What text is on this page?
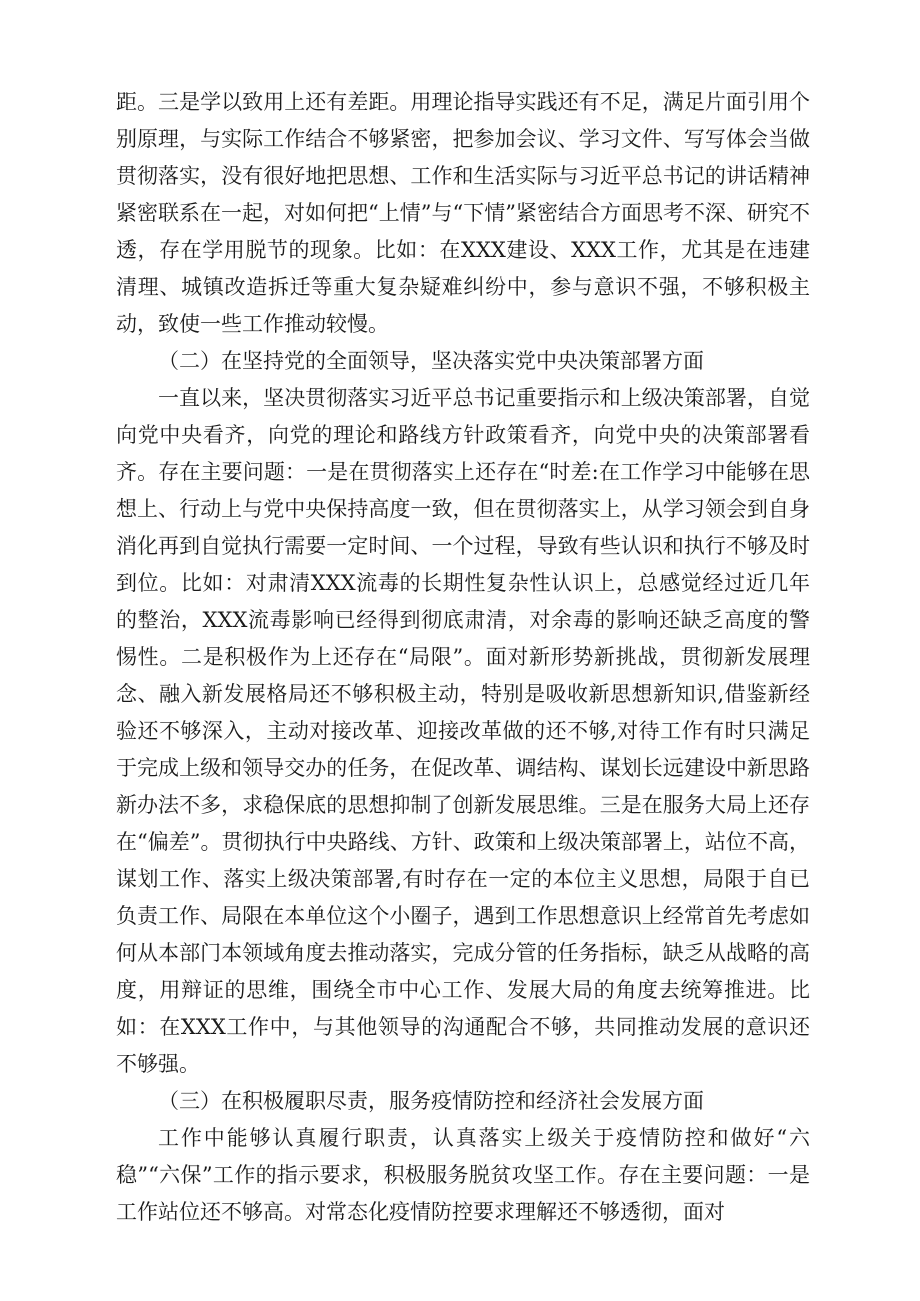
距。三是学以致用上还有差距。用理论指导实践还有不足，满足片面引用个别原理，与实际工作结合不够紧密，把参加会议、学习文件、写写体会当做贯彻落实，没有很好地把思想、工作和生活实际与习近平总书记的讲话精神紧密联系在一起，对如何把“上情”与“下情”紧密结合方面思考不深、研究不透，存在学用脱节的现象。比如：在XXX建设、XXX工作，尤其是在违建清理、城镇改造拆迁等重大复杂疑难纠纷中，参与意识不强，不够积极主动，致使一些工作推动较慢。

（二）在坚持党的全面领导，坚决落实党中央决策部署方面

一直以来，坚决贯彻落实习近平总书记重要指示和上级决策部署，自觉向党中央看齐，向党的理论和路线方针政策看齐，向党中央的决策部署看齐。存在主要问题：一是在贯彻落实上还存在“时差:在工作学习中能够在思想上、行动上与党中央保持高度一致，但在贯彻落实上，从学习领会到自身消化再到自觉执行需要一定时间、一个过程，导致有些认识和执行不够及时到位。比如：对肃清XXX流毒的长期性复杂性认识上，总感觉经过近几年的整治，XXX流毒影响已经得到彻底肃清，对余毒的影响还缺乏高度的警惕性。二是积极作为上还存在“局限”。面对新形势新挑战，贯彻新发展理念、融入新发展格局还不够积极主动，特别是吸收新思想新知识,借鉴新经验还不够深入，主动对接改革、迎接改革做的还不够,对待工作有时只满足于完成上级和领导交办的任务，在促改革、调结构、谋划长远建设中新思路新办法不多，求稳保底的思想抑制了创新发展思维。三是在服务大局上还存在“偏差”。贯彻执行中央路线、方针、政策和上级决策部署上，站位不高，谋划工作、落实上级决策部署,有时存在一定的本位主义思想，局限于自已负责工作、局限在本单位这个小圈子，遇到工作思想意识上经常首先考虑如何从本部门本领域角度去推动落实，完成分管的任务指标，缺乏从战略的高度，用辩证的思维，围绕全市中心工作、发展大局的角度去统筹推进。比如：在XXX工作中，与其他领导的沟通配合不够，共同推动发展的意识还不够强。

（三）在积极履职尽责，服务疫情防控和经济社会发展方面

工作中能够认真履行职责，认真落实上级关于疫情防控和做好“六稳”“六保”工作的指示要求，积极服务脱贫攻坚工作。存在主要问题：一是工作站位还不够高。对常态化疫情防控要求理解还不够透彻，面对
